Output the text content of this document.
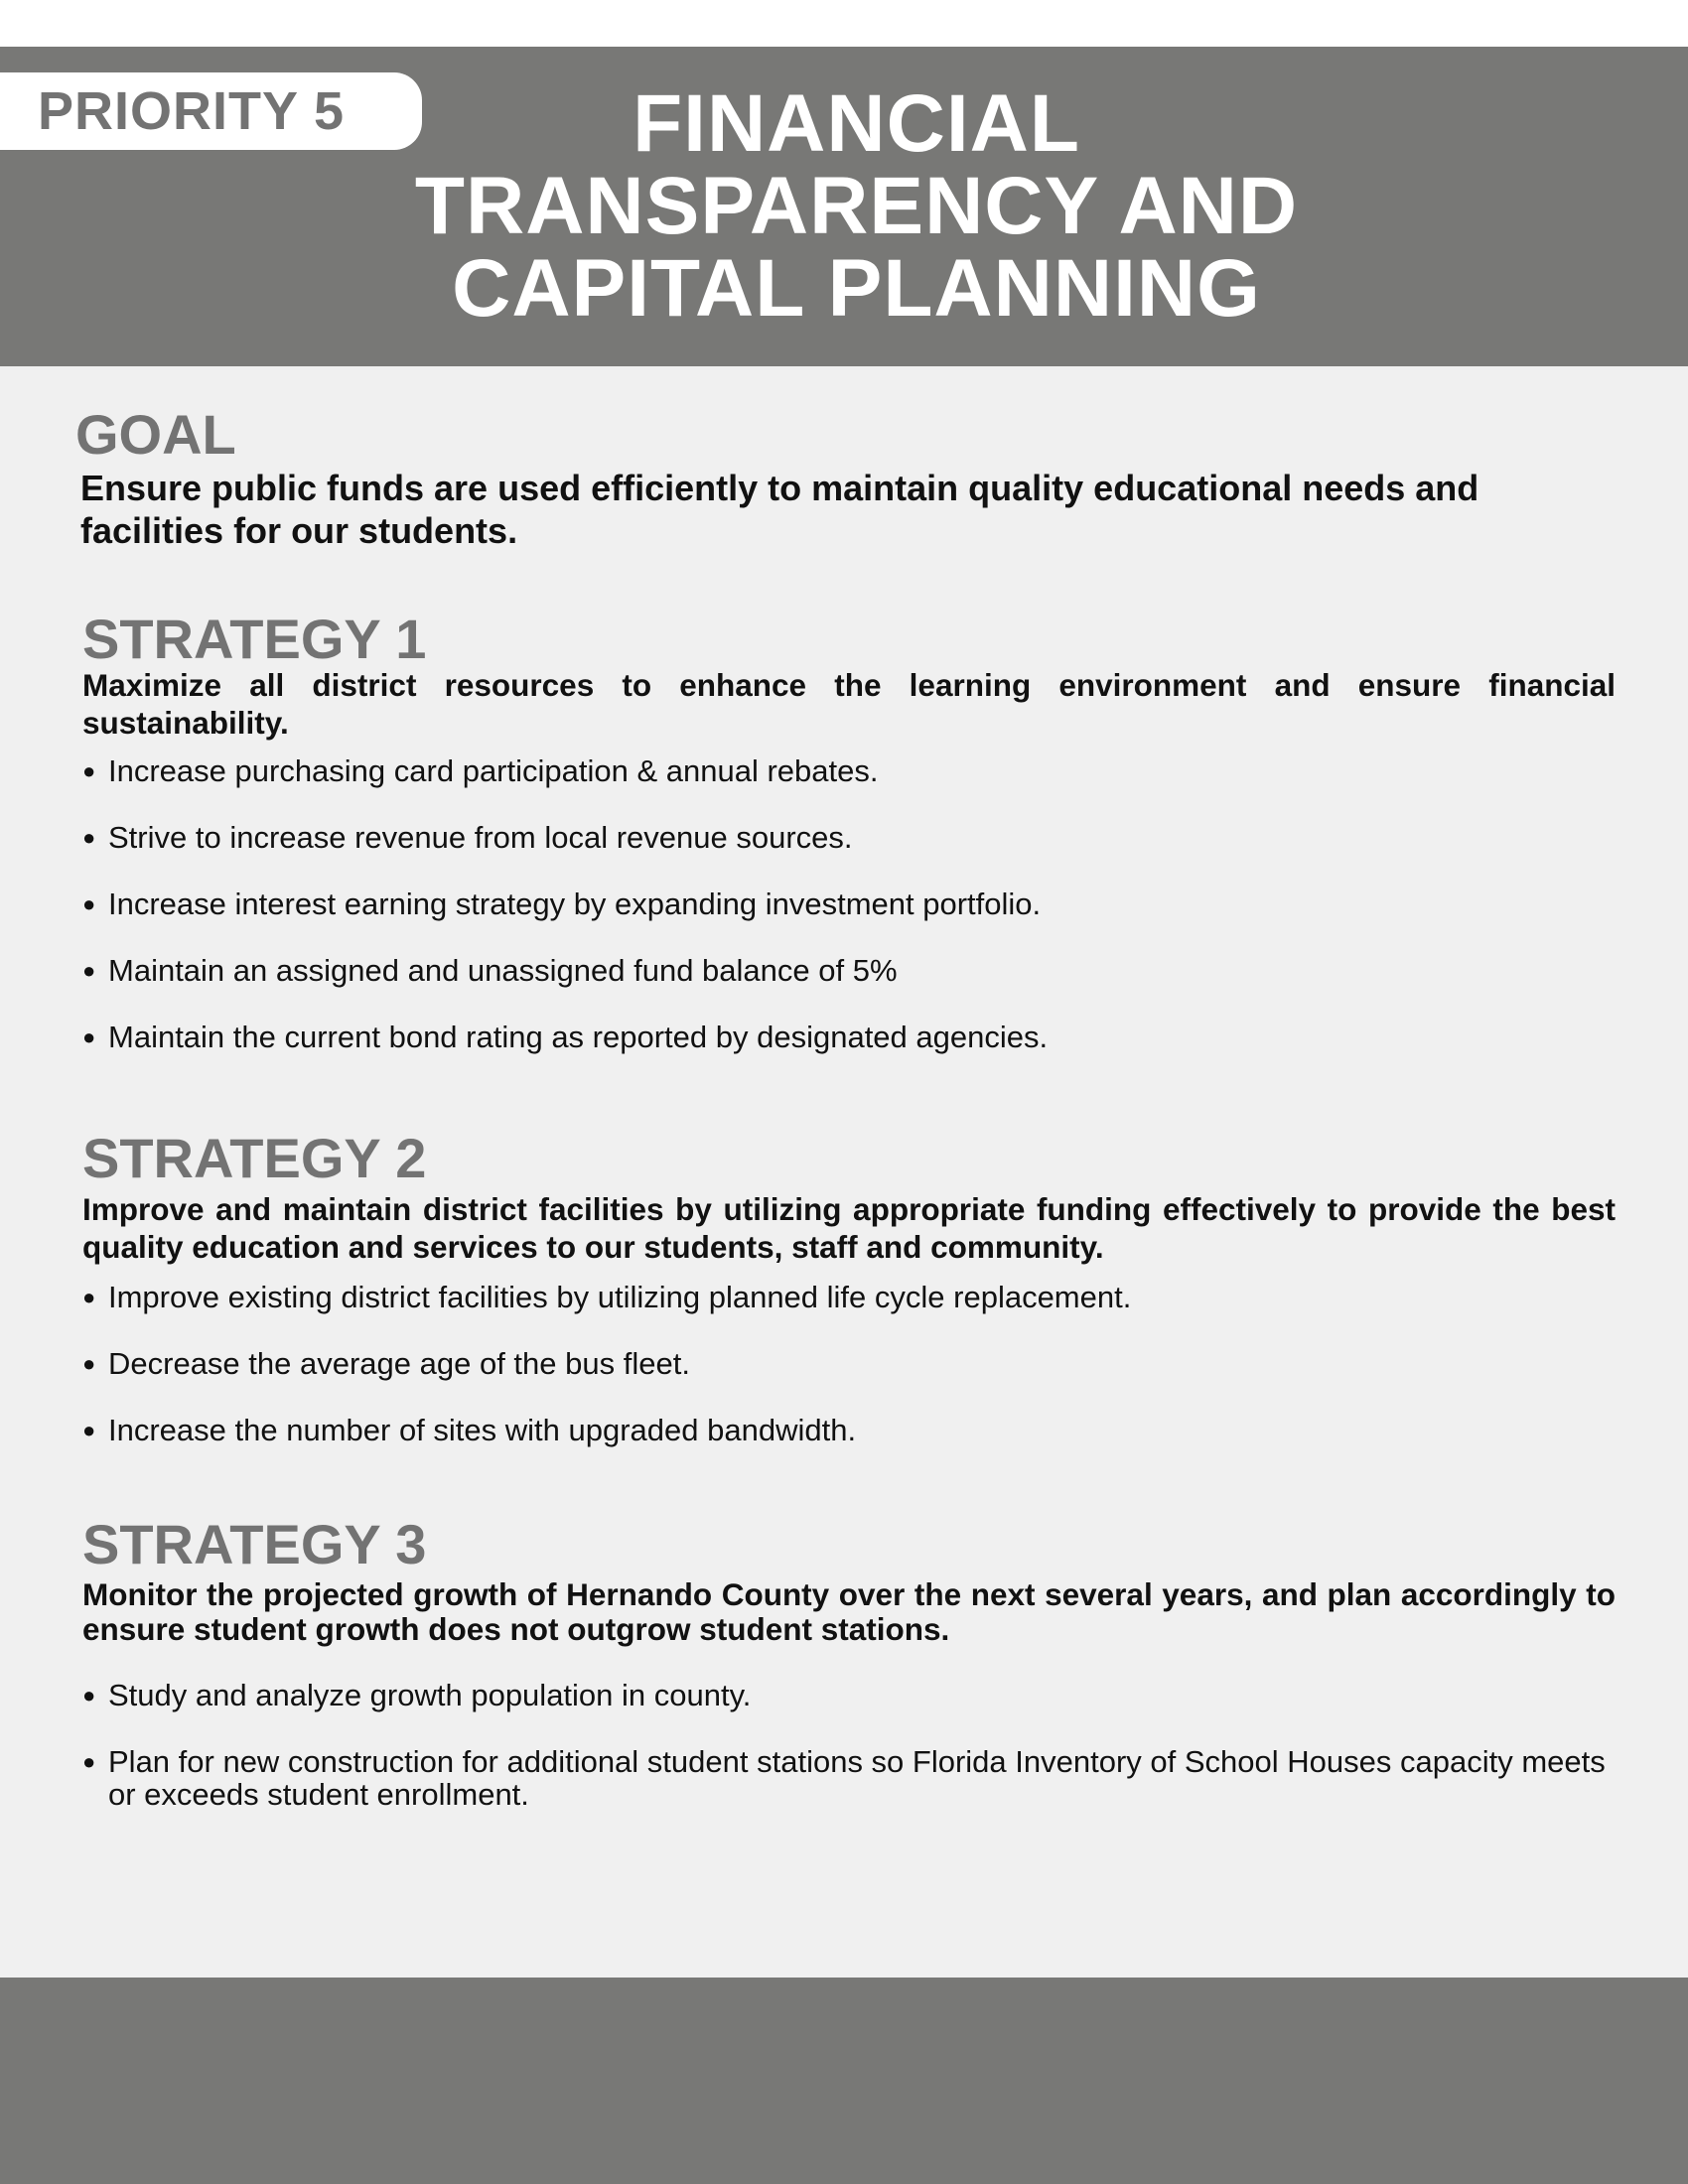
PRIORITY 5	FINANCIAL
TRANSPARENCY AND
CAPITAL PLANNING
GOAL
Ensure public funds are used efficiently to maintain quality educational needs and facilities for our students.
STRATEGY 1
Maximize all district resources to enhance the learning environment and ensure financial sustainability.
● Increase purchasing card participation & annual rebates.
● Strive to increase revenue from local revenue sources.
● Increase interest earning strategy by expanding investment portfolio.
● Maintain an assigned and unassigned fund balance of 5%
● Maintain the current bond rating as reported by designated agencies.
STRATEGY 2
Improve and maintain district facilities by utilizing appropriate funding effectively to provide the best quality education and services to our students, staff and community.
● Improve existing district facilities by utilizing planned life cycle replacement.
● Decrease the average age of the bus fleet.
● Increase the number of sites with upgraded bandwidth.
STRATEGY 3
Monitor the projected growth of Hernando County over the next several years, and plan accordingly to ensure student growth does not outgrow student stations.
● Study and analyze growth population in county.
● Plan for new construction for additional student stations so Florida Inventory of School Houses capacity meets or exceeds student enrollment.
